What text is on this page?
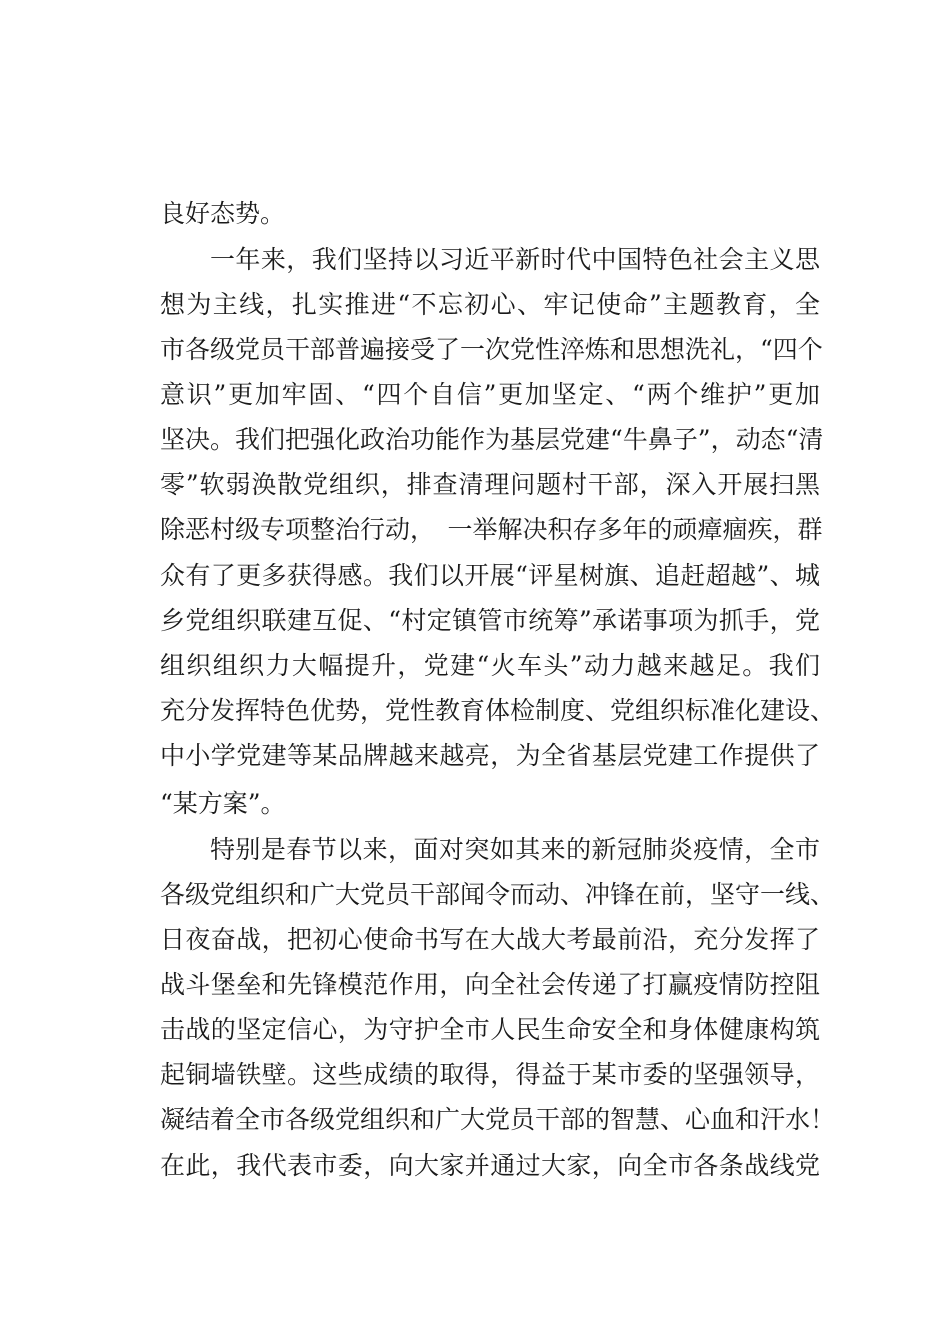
良好态势。
一年来，我们坚持以习近平新时代中国特色社会主义思
想为主线，扎实推进“不忘初心、牢记使命”主题教育，全
市各级党员干部普遍接受了一次党性淬炼和思想洗礼，“四个
意识”更加牢固、“四个自信”更加坚定、“两个维护”更加
坚决。我们把强化政治功能作为基层党建“牛鼻子”，动态“清
零”软弱涣散党组织，排查清理问题村干部，深入开展扫黑
除恶村级专项整治行动，　一举解决积存多年的顽瘴痼疾，群
众有了更多获得感。我们以开展“评星树旗、追赶超越”、城
乡党组织联建互促、“村定镇管市统筹”承诺事项为抓手，党
组织组织力大幅提升，党建“火车头”动力越来越足。我们
充分发挥特色优势，党性教育体检制度、党组织标准化建设、
中小学党建等某品牌越来越亮，为全省基层党建工作提供了
“某方案”。
特别是春节以来，面对突如其来的新冠肺炎疫情，全市
各级党组织和广大党员干部闻令而动、冲锋在前，坚守一线、
日夜奋战，把初心使命书写在大战大考最前沿，充分发挥了
战斗堡垒和先锋模范作用，向全社会传递了打赢疫情防控阻
击战的坚定信心，为守护全市人民生命安全和身体健康构筑
起铜墙铁壁。这些成绩的取得，得益于某市委的坚强领导，
凝结着全市各级党组织和广大党员干部的智慧、心血和汗水！
在此，我代表市委，向大家并通过大家，向全市各条战线党
